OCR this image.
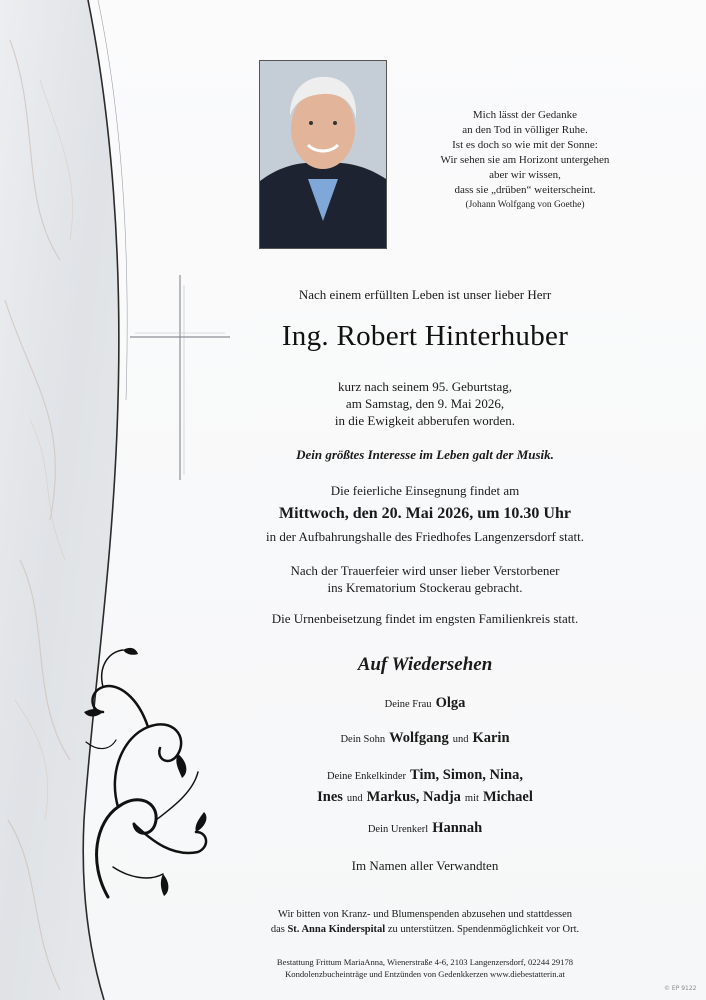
Mich lässt der Gedanke
an den Tod in völliger Ruhe.
Ist es doch so wie mit der Sonne:
Wir sehen sie am Horizont untergehen
aber wir wissen,
dass sie „drüben“ weiterscheint.
(Johann Wolfgang von Goethe)
Nach einem erfüllten Leben ist unser lieber Herr
Ing. Robert Hinterhuber
kurz nach seinem 95. Geburtstag,
am Samstag, den 9. Mai 2026,
in die Ewigkeit abberufen worden.
Dein größtes Interesse im Leben galt der Musik.
Die feierliche Einsegnung findet am
Mittwoch, den 20. Mai 2026, um 10.30 Uhr
in der Aufbahrungshalle des Friedhofes Langenzersdorf statt.
Nach der Trauerfeier wird unser lieber Verstorbener
ins Krematorium Stockerau gebracht.
Die Urnenbeisetzung findet im engsten Familienkreis statt.
Auf Wiedersehen
Deine Frau Olga
Dein Sohn Wolfgang und Karin
Deine Enkelkinder Tim, Simon, Nina,
Ines und Markus, Nadja mit Michael
Dein Urenkerl Hannah
Im Namen aller Verwandten
Wir bitten von Kranz- und Blumenspenden abzusehen und stattdessen
das St. Anna Kinderspital zu unterstützen. Spendenmöglichkeit vor Ort.
Bestattung Frittum MariaAnna, Wienerstraße 4-6, 2103 Langenzersdorf, 02244 29178
Kondolenzbucheinträge und Entzünden von Gedenkkerzen www.diebestatterin.at
© EP 9122
